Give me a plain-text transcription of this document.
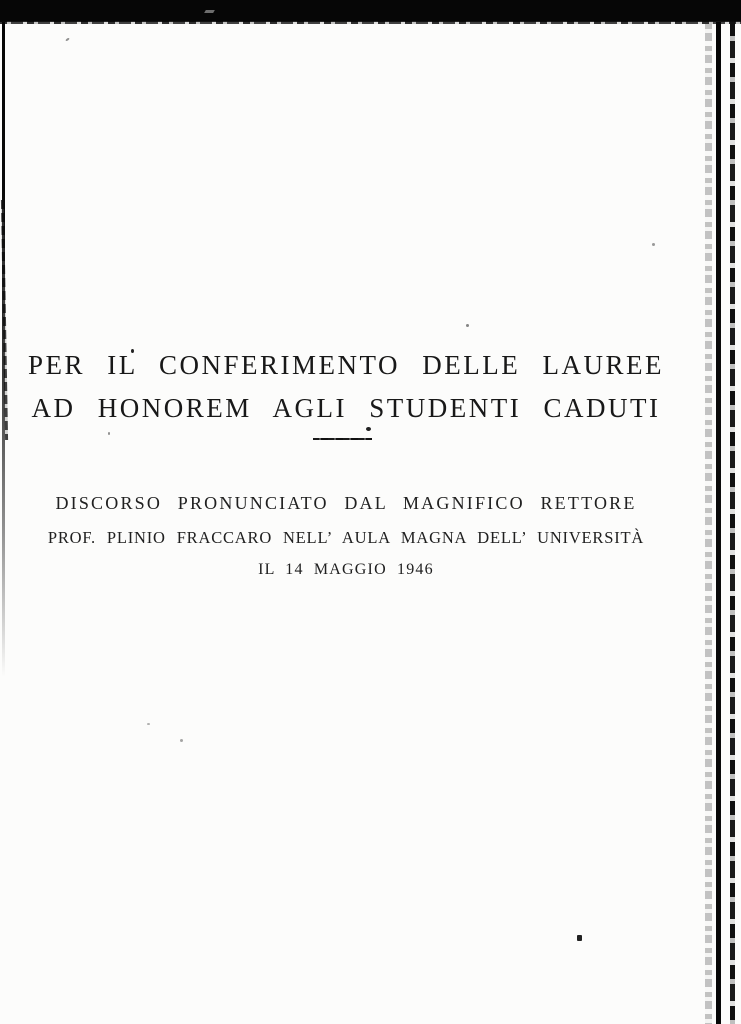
PER IL CONFERIMENTO DELLE LAUREE
AD HONOREM AGLI STUDENTI CADUTI
DISCORSO PRONUNCIATO DAL MAGNIFICO RETTORE
PROF. PLINIO FRACCARO NELL’ AULA MAGNA DELL’ UNIVERSITÀ
IL 14 MAGGIO 1946
